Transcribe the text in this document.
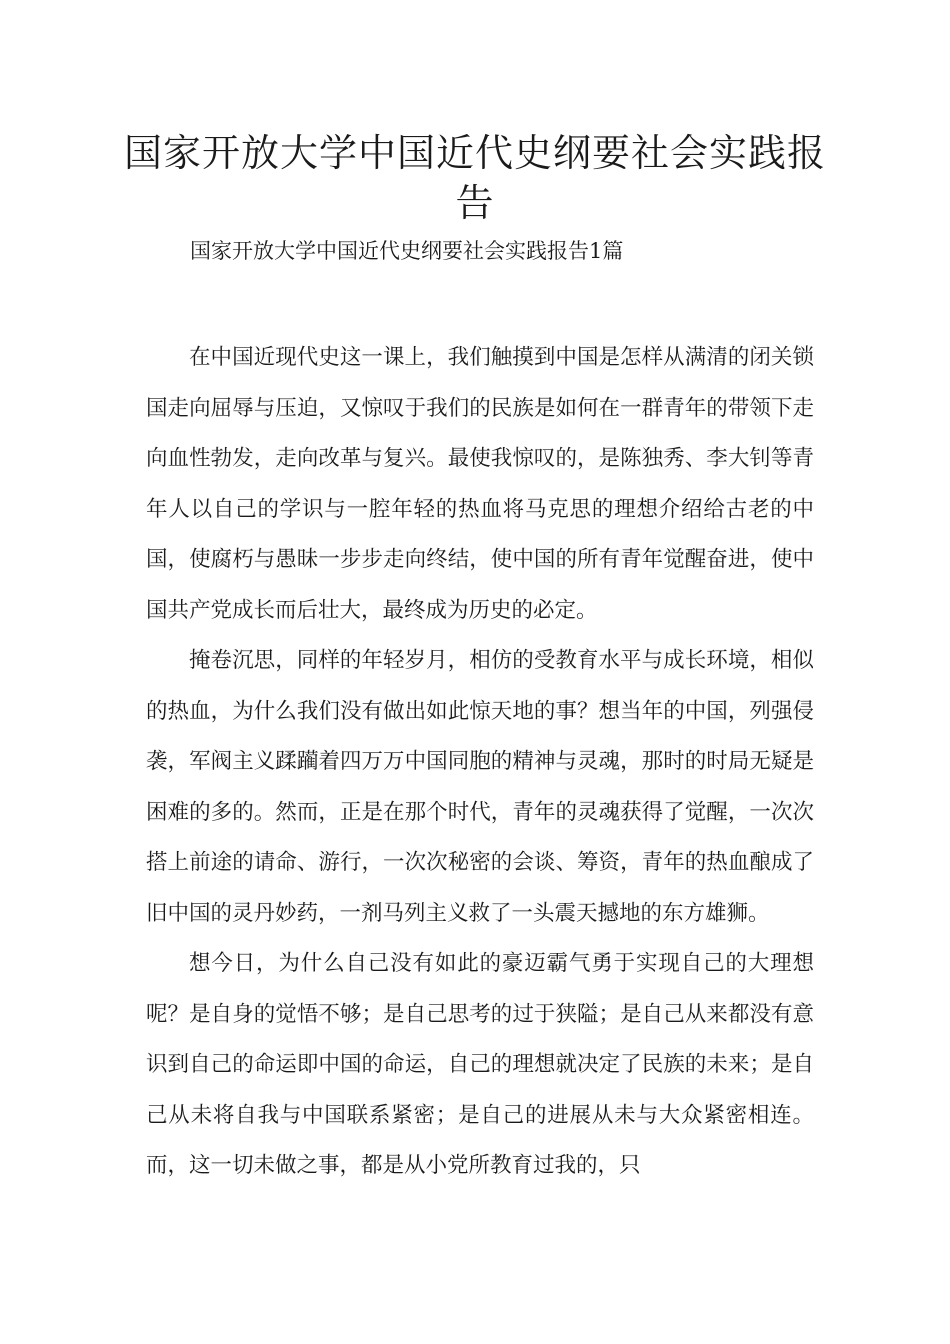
国家开放大学中国近代史纲要社会实践报告

国家开放大学中国近代史纲要社会实践报告1篇

在中国近现代史这一课上，我们触摸到中国是怎样从满清的闭关锁国走向屈辱与压迫，又惊叹于我们的民族是如何在一群青年的带领下走向血性勃发，走向改革与复兴。最使我惊叹的，是陈独秀、李大钊等青年人以自己的学识与一腔年轻的热血将马克思的理想介绍给古老的中国，使腐朽与愚昧一步步走向终结，使中国的所有青年觉醒奋进，使中国共产党成长而后壮大，最终成为历史的必定。

掩卷沉思，同样的年轻岁月，相仿的受教育水平与成长环境，相似的热血，为什么我们没有做出如此惊天地的事？想当年的中国，列强侵袭，军阀主义蹂躏着四万万中国同胞的精神与灵魂，那时的时局无疑是困难的多的。然而，正是在那个时代，青年的灵魂获得了觉醒，一次次搭上前途的请命、游行，一次次秘密的会谈、筹资，青年的热血酿成了旧中国的灵丹妙药，一剂马列主义救了一头震天撼地的东方雄狮。

想今日，为什么自己没有如此的豪迈霸气勇于实现自己的大理想呢？是自身的觉悟不够；是自己思考的过于狭隘；是自己从来都没有意识到自己的命运即中国的命运，自己的理想就决定了民族的未来；是自己从未将自我与中国联系紧密；是自己的进展从未与大众紧密相连。而，这一切未做之事，都是从小党所教育过我的，只
